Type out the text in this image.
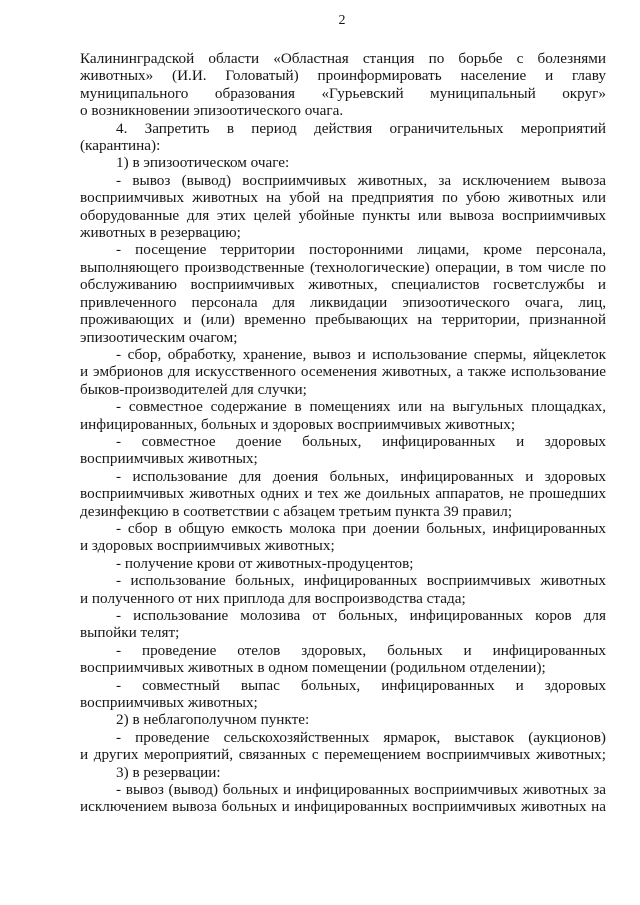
2
Калининградской области «Областная станция по борьбе с болезнями
животных» (И.И. Головатый) проинформировать население и главу
муниципального образования «Гурьевский муниципальный округ»
о возникновении эпизоотического очага.
4. Запретить в период действия ограничительных мероприятий
(карантина):
1) в эпизоотическом очаге:
- вывоз (вывод) восприимчивых животных, за исключением вывоза
восприимчивых животных на убой на предприятия по убою животных или
оборудованные для этих целей убойные пункты или вывоза восприимчивых
животных в резервацию;
- посещение территории посторонними лицами, кроме персонала,
выполняющего производственные (технологические) операции, в том числе по
обслуживанию восприимчивых животных, специалистов госветслужбы и
привлеченного персонала для ликвидации эпизоотического очага, лиц,
проживающих и (или) временно пребывающих на территории, признанной
эпизоотическим очагом;
- сбор, обработку, хранение, вывоз и использование спермы, яйцеклеток
и эмбрионов для искусственного осеменения животных, а также использование
быков-производителей для случки;
- совместное содержание в помещениях или на выгульных площадках,
инфицированных, больных и здоровых восприимчивых животных;
- совместное доение больных, инфицированных и здоровых
восприимчивых животных;
- использование для доения больных, инфицированных и здоровых
восприимчивых животных одних и тех же доильных аппаратов, не прошедших
дезинфекцию в соответствии с абзацем третьим пункта 39 правил;
- сбор в общую емкость молока при доении больных, инфицированных
и здоровых восприимчивых животных;
- получение крови от животных-продуцентов;
- использование больных, инфицированных восприимчивых животных
и полученного от них приплода для воспроизводства стада;
- использование молозива от больных, инфицированных коров для
выпойки телят;
- проведение отелов здоровых, больных и инфицированных
восприимчивых животных в одном помещении (родильном отделении);
- совместный выпас больных, инфицированных и здоровых
восприимчивых животных;
2) в неблагополучном пункте:
- проведение сельскохозяйственных ярмарок, выставок (аукционов)
и других мероприятий, связанных с перемещением восприимчивых животных;
3) в резервации:
- вывоз (вывод) больных и инфицированных восприимчивых животных за
исключением вывоза больных и инфицированных восприимчивых животных на
